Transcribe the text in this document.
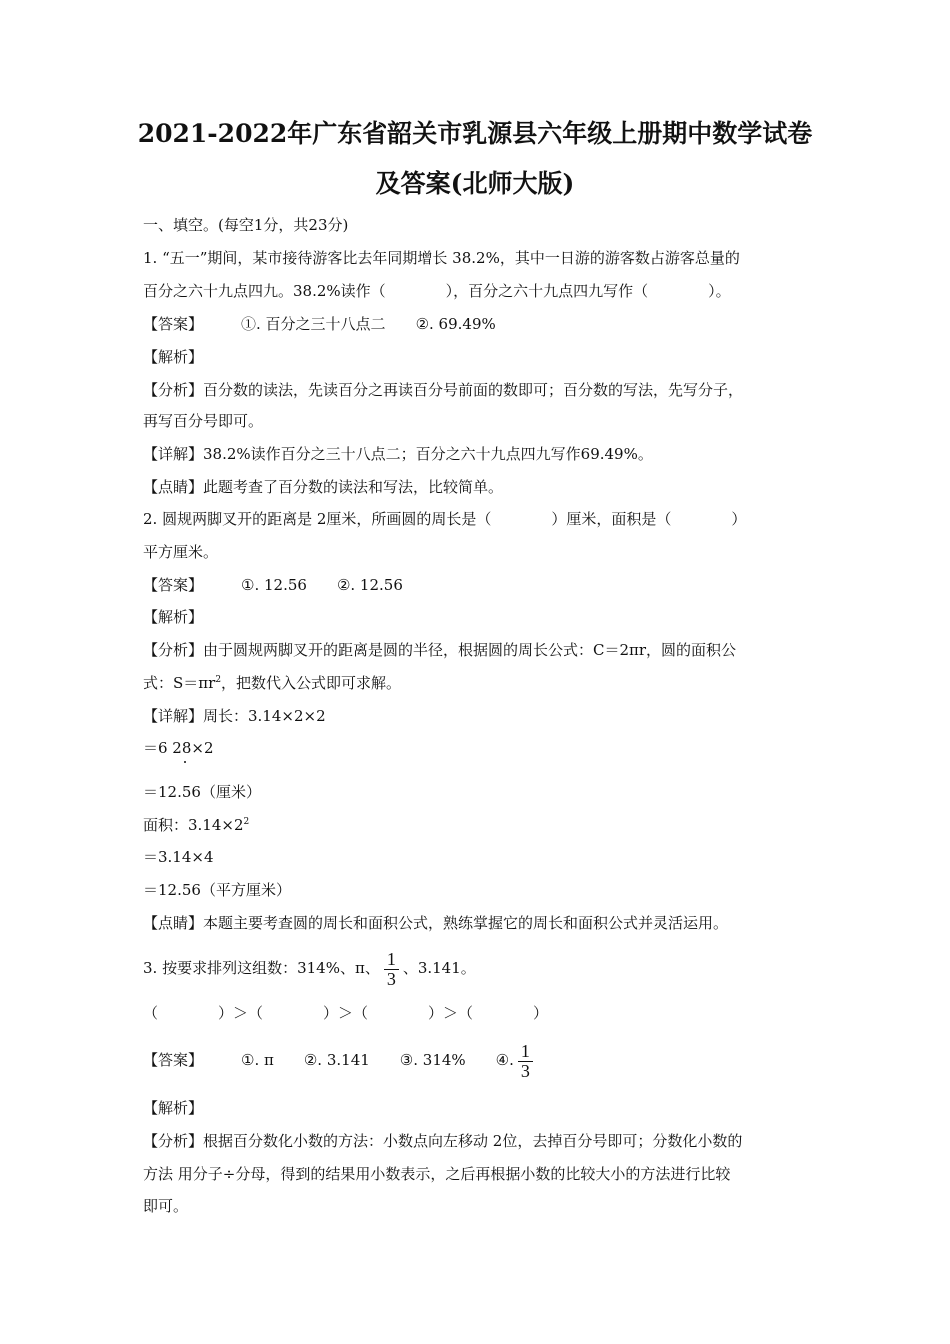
2021-2022年广东省韶关市乳源县六年级上册期中数学试卷
及答案(北师大版)
一、填空。(每空1分，共23分)
1. “五一”期间，某市接待游客比去年同期增长 38.2%，其中一日游的游客数占游客总量的
百分之六十九点四九。38.2%读作（　　　　），百分之六十九点四九写作（　　　　）。
【答案】	①. 百分之三十八点二 ②. 69.49%
【解析】
【分析】百分数的读法，先读百分之再读百分号前面的数即可；百分数的写法，先写分子，
再写百分号即可。
【详解】38.2%读作百分之三十八点二；百分之六十九点四九写作69.49%。
【点睛】此题考查了百分数的读法和写法，比较简单。
2. 圆规两脚叉开的距离是 2厘米，所画圆的周长是（　　　　）厘米，面积是（　　　　）
平方厘米。
【答案】	①. 12.56 ②. 12.56
【解析】
【分析】由于圆规两脚叉开的距离是圆的半径，根据圆的周长公式：C＝2πr，圆的面积公
式：$S=\pi r^2$，把数代入公式即可求解。
【详解】周长：3.14×2×2
＝6 28×2
＝12.56（厘米）
面积：$3.14\times 2^2$
＝3.14×4
＝12.56（平方厘米）
【点睛】本题主要考查圆的周长和面积公式，熟练掌握它的周长和面积公式并灵活运用。
3. 按要求排列这组数：314%、π、 $\frac{1}{3}$ 、3.141。
（　　　　）＞（　　　　）＞（　　　　）＞（　　　　）
【答案】	①. π ②. 3.141 ③. 314% ④. $\frac{1}{3}$
【解析】
【分析】根据百分数化小数的方法：小数点向左移动 2位，去掉百分号即可；分数化小数的
方法 用分子÷分母，得到的结果用小数表示，之后再根据小数的比较大小的方法进行比较
即可。
